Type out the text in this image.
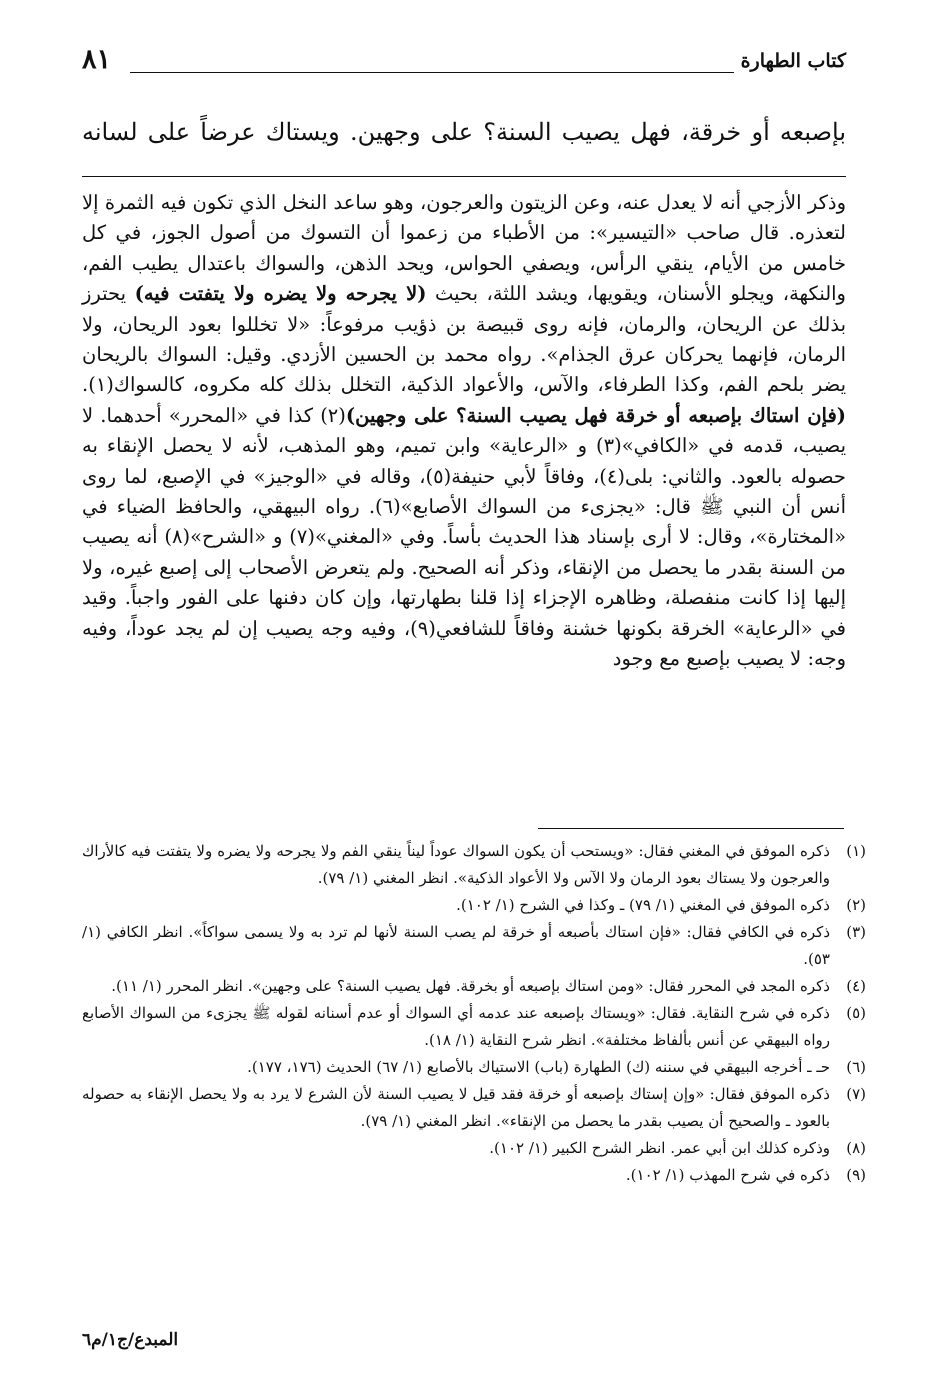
كتاب الطهارة
٨١
بإصبعه أو خرقة، فهل يصيب السنة؟ على وجهين. ويستاك عرضاً على لسانه
وذكر الأزجي أنه لا يعدل عنه، وعن الزيتون والعرجون، وهو ساعد النخل الذي تكون فيه الثمرة إلا لتعذره. قال صاحب «التيسير»: من الأطباء من زعموا أن التسوك من أصول الجوز، في كل خامس من الأيام، ينقي الرأس، ويصفي الحواس، ويحد الذهن، والسواك باعتدال يطيب الفم، والنكهة، ويجلو الأسنان، ويقويها، ويشد اللثة، بحيث (لا يجرحه ولا يضره ولا يتفتت فيه) يحترز بذلك عن الريحان، والرمان، فإنه روى قبيصة بن ذؤيب مرفوعاً: «لا تخللوا بعود الريحان، ولا الرمان، فإنهما يحركان عرق الجذام». رواه محمد بن الحسين الأزدي. وقيل: السواك بالريحان يضر بلحم الفم، وكذا الطرفاء، والآس، والأعواد الذكية، التخلل بذلك كله مكروه، كالسواك(١). (فإن استاك بإصبعه أو خرقة فهل يصيب السنة؟ على وجهين)(٢) كذا في «المحرر» أحدهما. لا يصيب، قدمه في «الكافي»(٣) و «الرعاية» وابن تميم، وهو المذهب، لأنه لا يحصل الإنقاء به حصوله بالعود. والثاني: بلى(٤)، وفاقاً لأبي حنيفة(٥)، وقاله في «الوجيز» في الإصبع، لما روى أنس أن النبي ﷺ قال: «يجزىء من السواك الأصابع»(٦). رواه البيهقي، والحافظ الضياء في «المختارة»، وقال: لا أرى بإسناد هذا الحديث بأساً. وفي «المغني»(٧) و «الشرح»(٨) أنه يصيب من السنة بقدر ما يحصل من الإنقاء، وذكر أنه الصحيح. ولم يتعرض الأصحاب إلى إصبع غيره، ولا إليها إذا كانت منفصلة، وظاهره الإجزاء إذا قلنا بطهارتها، وإن كان دفنها على الفور واجباً. وقيد في «الرعاية» الخرقة بكونها خشنة وفاقاً للشافعي(٩)، وفيه وجه يصيب إن لم يجد عوداً، وفيه وجه: لا يصيب بإصبع مع وجود
(١)
ذكره الموفق في المغني فقال: «ويستحب أن يكون السواك عوداً ليناً ينقي الفم ولا يجرحه ولا يضره ولا يتفتت فيه كالأراك والعرجون ولا يستاك بعود الرمان ولا الآس ولا الأعواد الذكية». انظر المغني (١/ ٧٩).
(٢)
ذكره الموفق في المغني (١/ ٧٩) ـ وكذا في الشرح (١/ ١٠٢).
(٣)
ذكره في الكافي فقال: «فإن استاك بأصبعه أو خرقة لم يصب السنة لأنها لم ترد به ولا يسمى سواكاً». انظر الكافي (١/ ٥٣).
(٤)
ذكره المجد في المحرر فقال: «ومن استاك بإصبعه أو بخرقة. فهل يصيب السنة؟ على وجهين». انظر المحرر (١/ ١١).
(٥)
ذكره في شرح النقاية. فقال: «ويستاك بإصبعه عند عدمه أي السواك أو عدم أسنانه لقوله ﷺ يجزىء من السواك الأصابع رواه البيهقي عن أنس بألفاظ مختلفة». انظر شرح النقاية (١/ ١٨).
(٦)
حـ ـ أخرجه البيهقي في سننه (ك) الطهارة (باب) الاستياك بالأصابع (١/ ٦٧) الحديث (١٧٦، ١٧٧).
(٧)
ذكره الموفق فقال: «وإن إستاك بإصبعه أو خرقة فقد قيل لا يصيب السنة لأن الشرع لا يرد به ولا يحصل الإنقاء به حصوله بالعود ـ والصحيح أن يصيب بقدر ما يحصل من الإنقاء». انظر المغني (١/ ٧٩).
(٨)
وذكره كذلك ابن أبي عمر. انظر الشرح الكبير (١/ ١٠٢).
(٩)
ذكره في شرح المهذب (١/ ١٠٢).
المبدع/ج١/م٦
